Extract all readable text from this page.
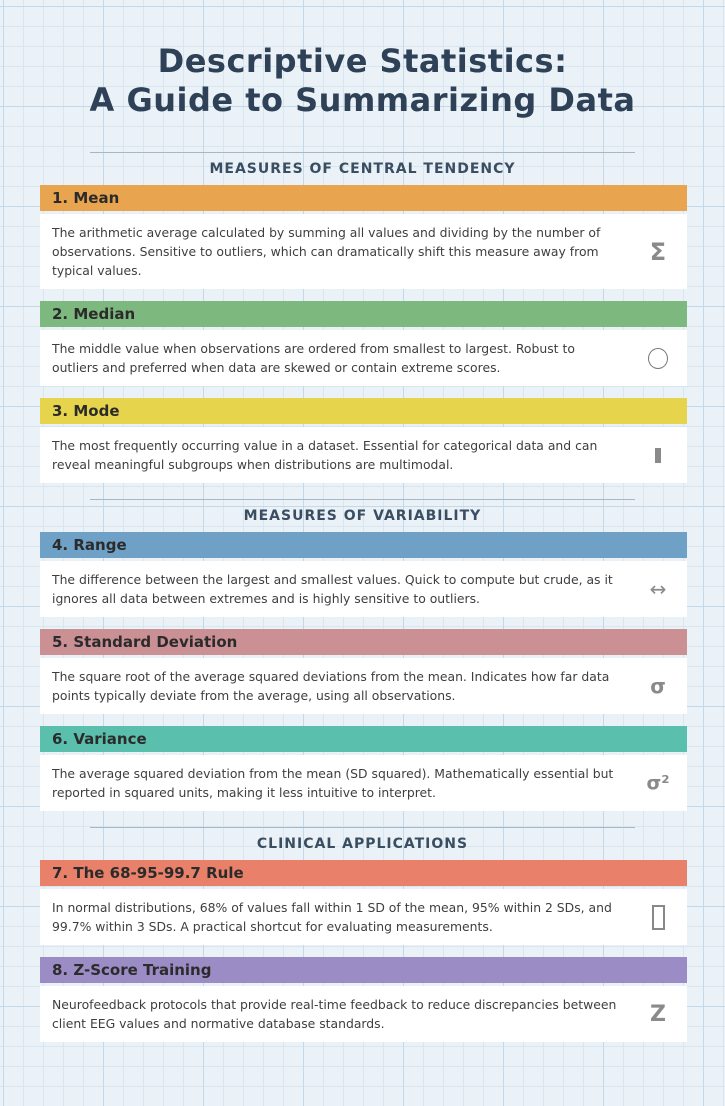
Descriptive Statistics:
A Guide to Summarizing Data
MEASURES OF CENTRAL TENDENCY
1. Mean

The arithmetic average calculated by summing all values and dividing by the number of observations. Sensitive to outliers, which can dramatically shift this measure away from typical values.

Σ
2. Median

The middle value when observations are ordered from smallest to largest. Robust to outliers and preferred when data are skewed or contain extreme scores.

3. Mode

The most frequently occurring value in a dataset. Essential for categorical data and can reveal meaningful subgroups when distributions are multimodal.

MEASURES OF VARIABILITY
4. Range

The difference between the largest and smallest values. Quick to compute but crude, as it ignores all data between extremes and is highly sensitive to outliers.	↔
5. Standard Deviation

The square root of the average squared deviations from the mean. Indicates how far data points typically deviate from the average, using all observations.	σ
6. Variance

The average squared deviation from the mean (SD squared). Mathematically essential but reported in squared units, making it less intuitive to interpret.	σ²
CLINICAL APPLICATIONS
7. The 68-95-99.7 Rule

In normal distributions, 68% of values fall within 1 SD of the mean, 95% within 2 SDs, and 99.7% within 3 SDs. A practical shortcut for evaluating measurements.

8. Z-Score Training

Neurofeedback protocols that provide real-time feedback to reduce discrepancies between client EEG values and normative database standards.	Z
